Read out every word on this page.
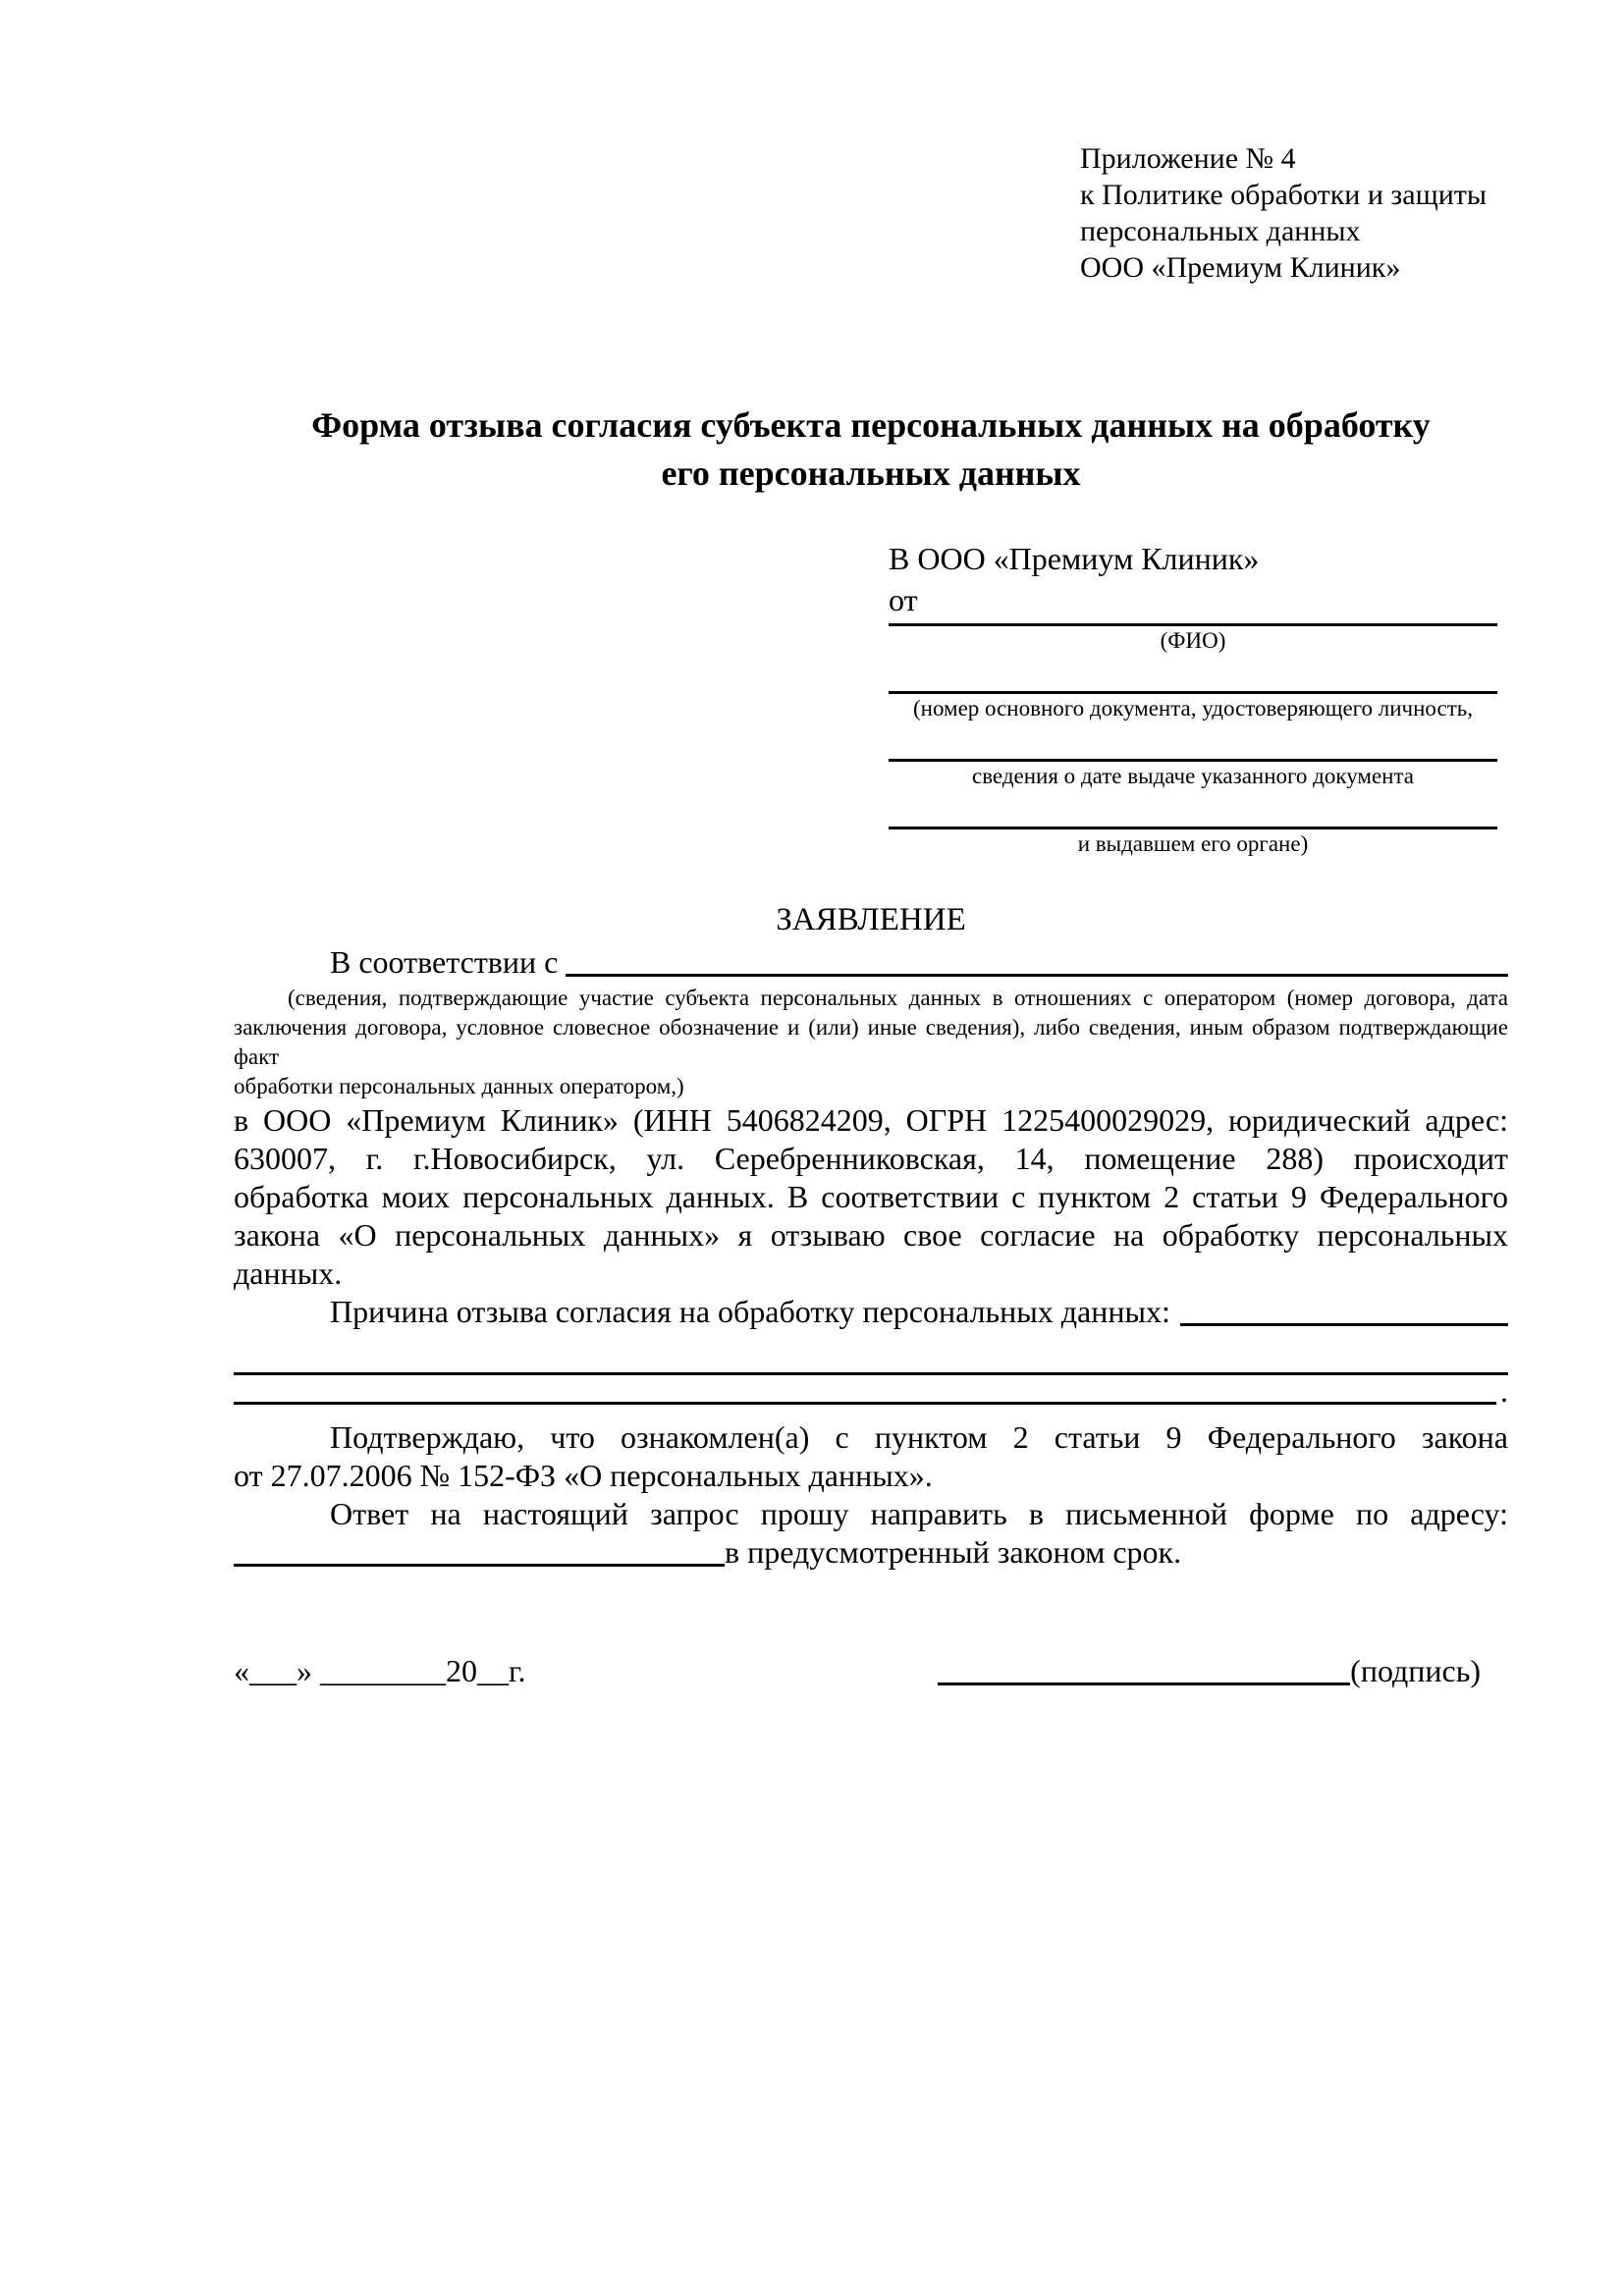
Приложение № 4
к Политике обработки и защиты
персональных данных
ООО «Премиум Клиник»
Форма отзыва согласия субъекта персональных данных на обработку
его персональных данных
В ООО «Премиум Клиник»
от
(ФИО)
(номер основного документа, удостоверяющего личность,
сведения о дате выдаче указанного документа
и выдавшем его органе)
ЗАЯВЛЕНИЕ
В соответствии с
(сведения, подтверждающие участие субъекта персональных данных в отношениях с оператором (номер договора, дата
заключения договора, условное словесное обозначение и (или) иные сведения), либо сведения, иным образом подтверждающие факт
обработки персональных данных оператором,)
в ООО «Премиум Клиник» (ИНН 5406824209, ОГРН 1225400029029, юридический адрес:
630007, г. г.Новосибирск, ул. Серебренниковская, 14, помещение 288) происходит
обработка моих персональных данных. В соответствии с пунктом 2 статьи 9 Федерального
закона «О персональных данных» я отзываю свое согласие на обработку персональных
данных.
Причина отзыва согласия на обработку персональных данных:
.
Подтверждаю, что ознакомлен(а) с пунктом 2 статьи 9 Федерального закона
от 27.07.2006 № 152-ФЗ «О персональных данных».
Ответ на настоящий запрос прошу направить в письменной форме по адресу:
в предусмотренный законом срок.
«___» ________20__г.	(подпись)
